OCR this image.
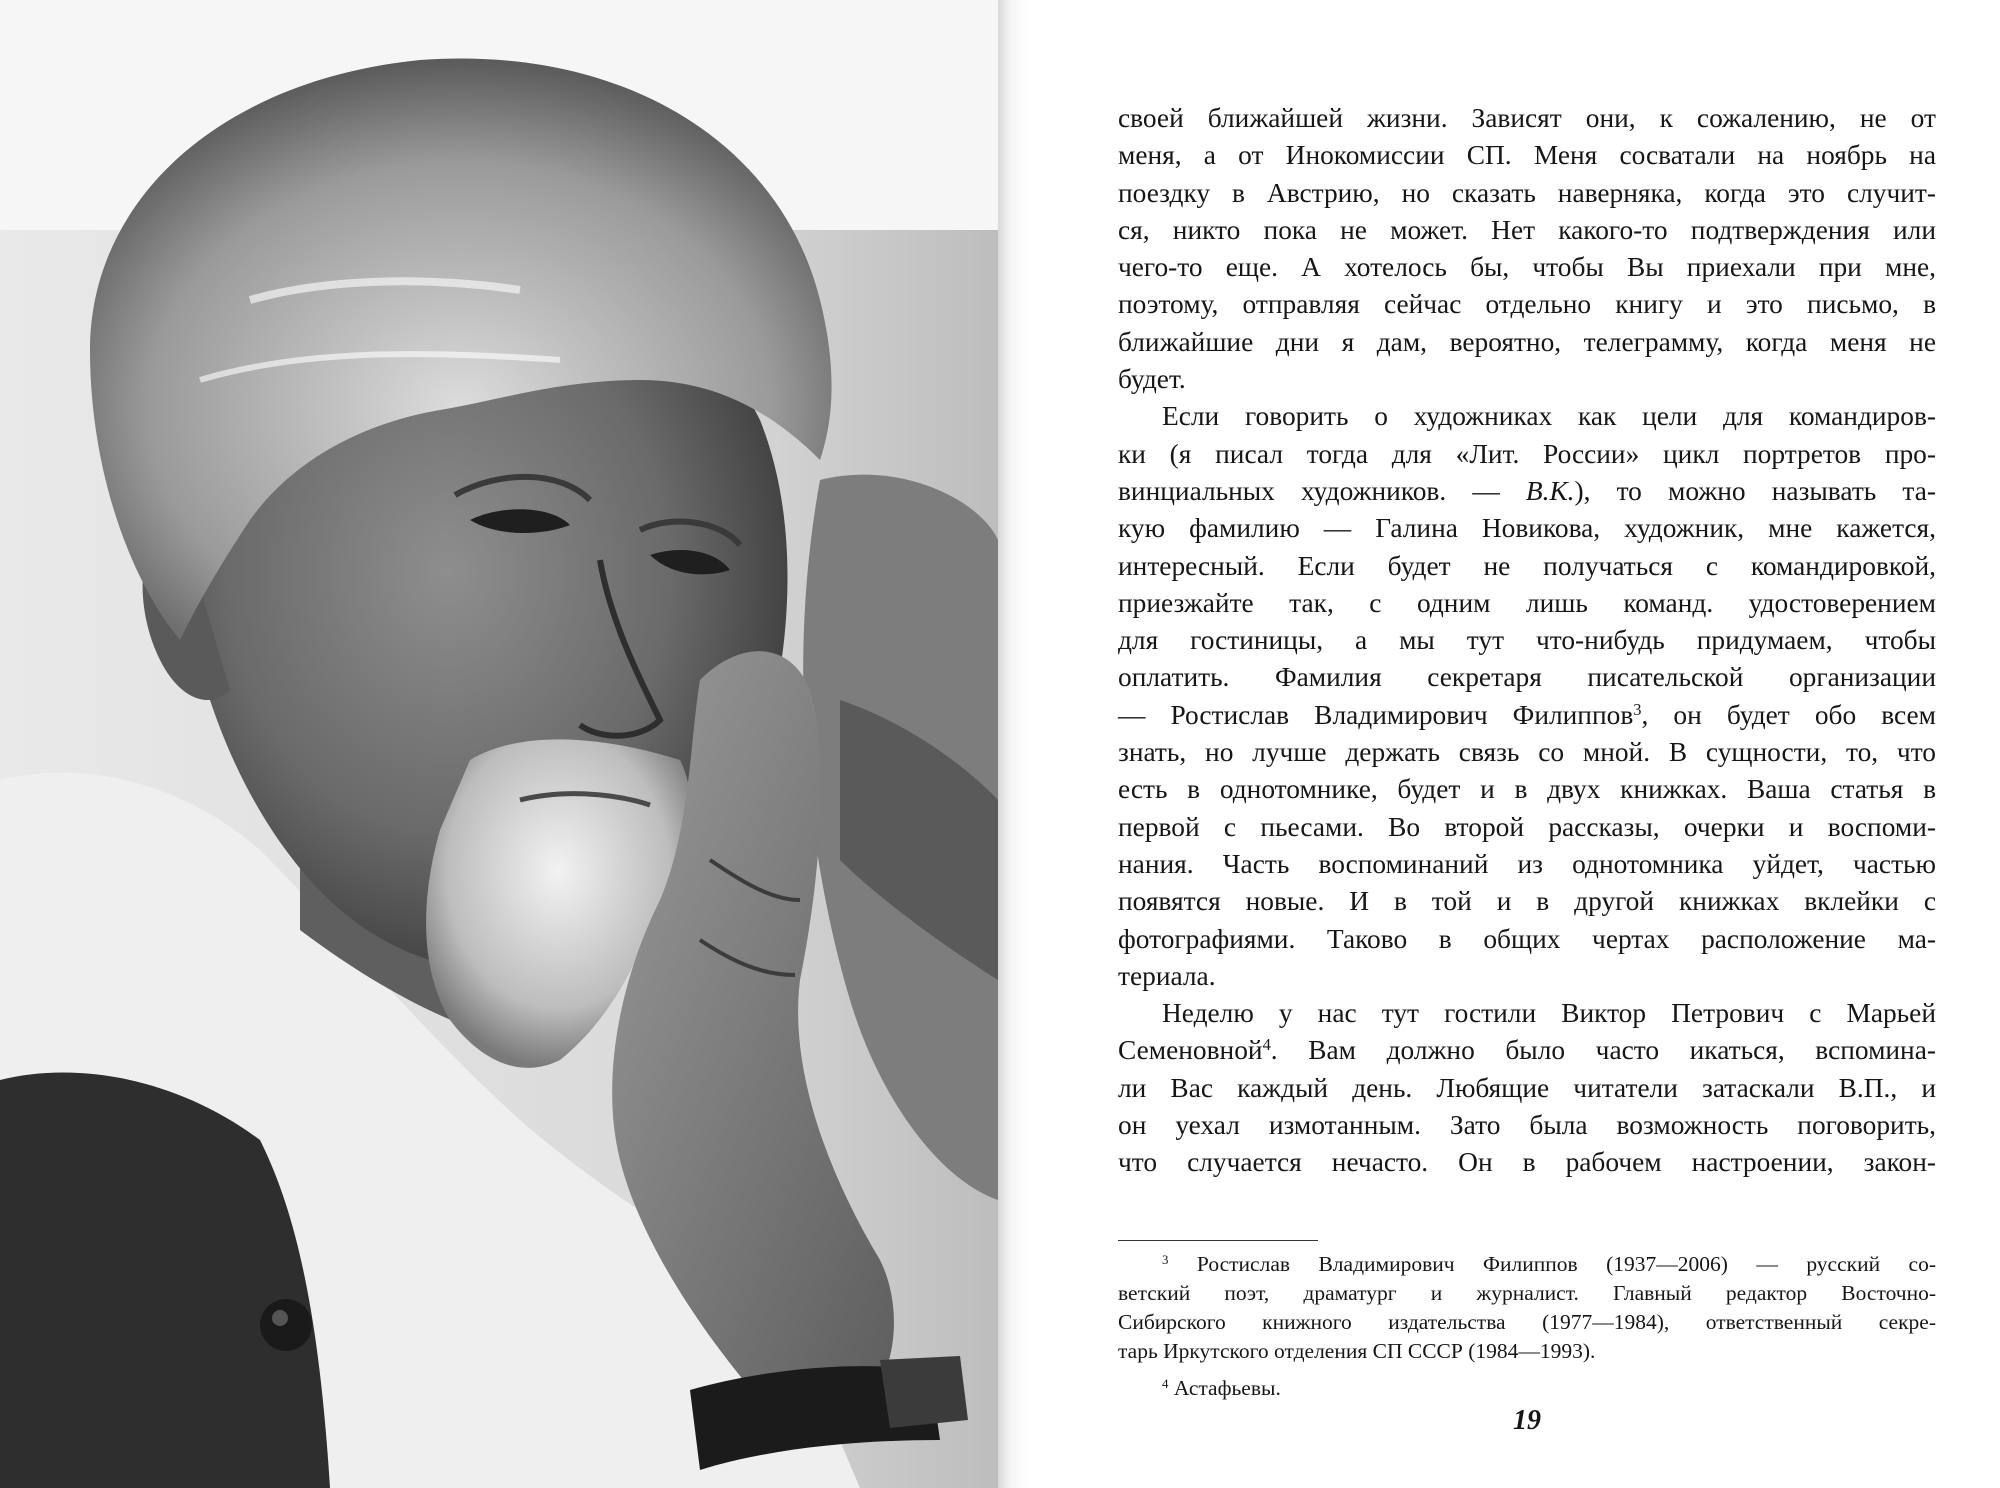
своей ближайшей жизни. Зависят они, к сожалению, не от
меня, а от Инокомиссии СП. Меня сосватали на ноябрь на
поездку в Австрию, но сказать наверняка, когда это случит-
ся, никто пока не может. Нет какого-то подтверждения или
чего-то еще. А хотелось бы, чтобы Вы приехали при мне,
поэтому, отправляя сейчас отдельно книгу и это письмо, в
ближайшие дни я дам, вероятно, телеграмму, когда меня не
будет.
Если говорить о художниках как цели для командиров-
ки (я писал тогда для «Лит. России» цикл портретов про-
винциальных художников. — В.К.), то можно называть та-
кую фамилию — Галина Новикова, художник, мне кажется,
интересный. Если будет не получаться с командировкой,
приезжайте так, с одним лишь команд. удостоверением
для гостиницы, а мы тут что-нибудь придумаем, чтобы
оплатить. Фамилия секретаря писательской организации
— Ростислав Владимирович Филиппов$^3$, он будет обо всем
знать, но лучше держать связь со мной. В сущности, то, что
есть в однотомнике, будет и в двух книжках. Ваша статья в
первой с пьесами. Во второй рассказы, очерки и воспоми-
нания. Часть воспоминаний из однотомника уйдет, частью
появятся новые. И в той и в другой книжках вклейки с
фотографиями. Таково в общих чертах расположение ма-
териала.
Неделю у нас тут гостили Виктор Петрович с Марьей
Семеновной$^4$. Вам должно было часто икаться, вспомина-
ли Вас каждый день. Любящие читатели затаскали В.П., и
он уехал измотанным. Зато была возможность поговорить,
что случается нечасто. Он в рабочем настроении, закон-
$^3$ Ростислав Владимирович Филиппов (1937—2006) — русский со-
ветский поэт, драматург и журналист. Главный редактор Восточно-
Сибирского книжного издательства (1977—1984), ответственный секре-
тарь Иркутского отделения СП СССР (1984—1993).
$^4$ Астафьевы.
19
